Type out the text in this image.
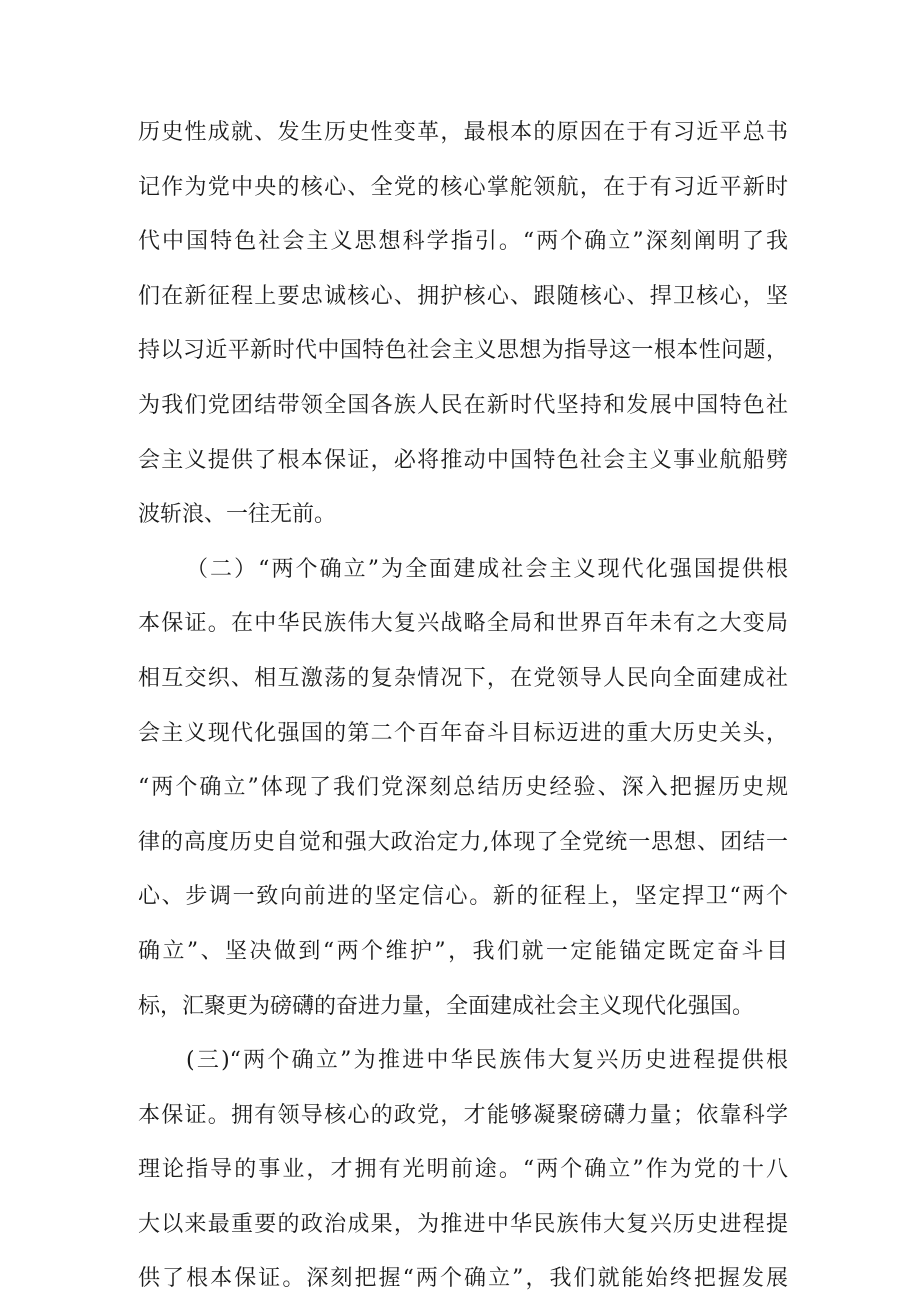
历史性成就、发生历史性变革，最根本的原因在于有习近平总书
记作为党中央的核心、全党的核心掌舵领航，在于有习近平新时
代中国特色社会主义思想科学指引。“两个确立”深刻阐明了我
们在新征程上要忠诚核心、拥护核心、跟随核心、捍卫核心，坚
持以习近平新时代中国特色社会主义思想为指导这一根本性问题，
为我们党团结带领全国各族人民在新时代坚持和发展中国特色社
会主义提供了根本保证，必将推动中国特色社会主义事业航船劈
波斩浪、一往无前。
（二）“两个确立”为全面建成社会主义现代化强国提供根
本保证。在中华民族伟大复兴战略全局和世界百年未有之大变局
相互交织、相互激荡的复杂情况下，在党领导人民向全面建成社
会主义现代化强国的第二个百年奋斗目标迈进的重大历史关头，
“两个确立”体现了我们党深刻总结历史经验、深入把握历史规
律的高度历史自觉和强大政治定力,体现了全党统一思想、团结一
心、步调一致向前进的坚定信心。新的征程上，坚定捍卫“两个
确立”、坚决做到“两个维护”，我们就一定能锚定既定奋斗目
标，汇聚更为磅礴的奋进力量，全面建成社会主义现代化强国。
(三)“两个确立”为推进中华民族伟大复兴历史进程提供根
本保证。拥有领导核心的政党，才能够凝聚磅礴力量；依靠科学
理论指导的事业，才拥有光明前途。“两个确立”作为党的十八
大以来最重要的政治成果，为推进中华民族伟大复兴历史进程提
供了根本保证。深刻把握“两个确立”，我们就能始终把握发展
